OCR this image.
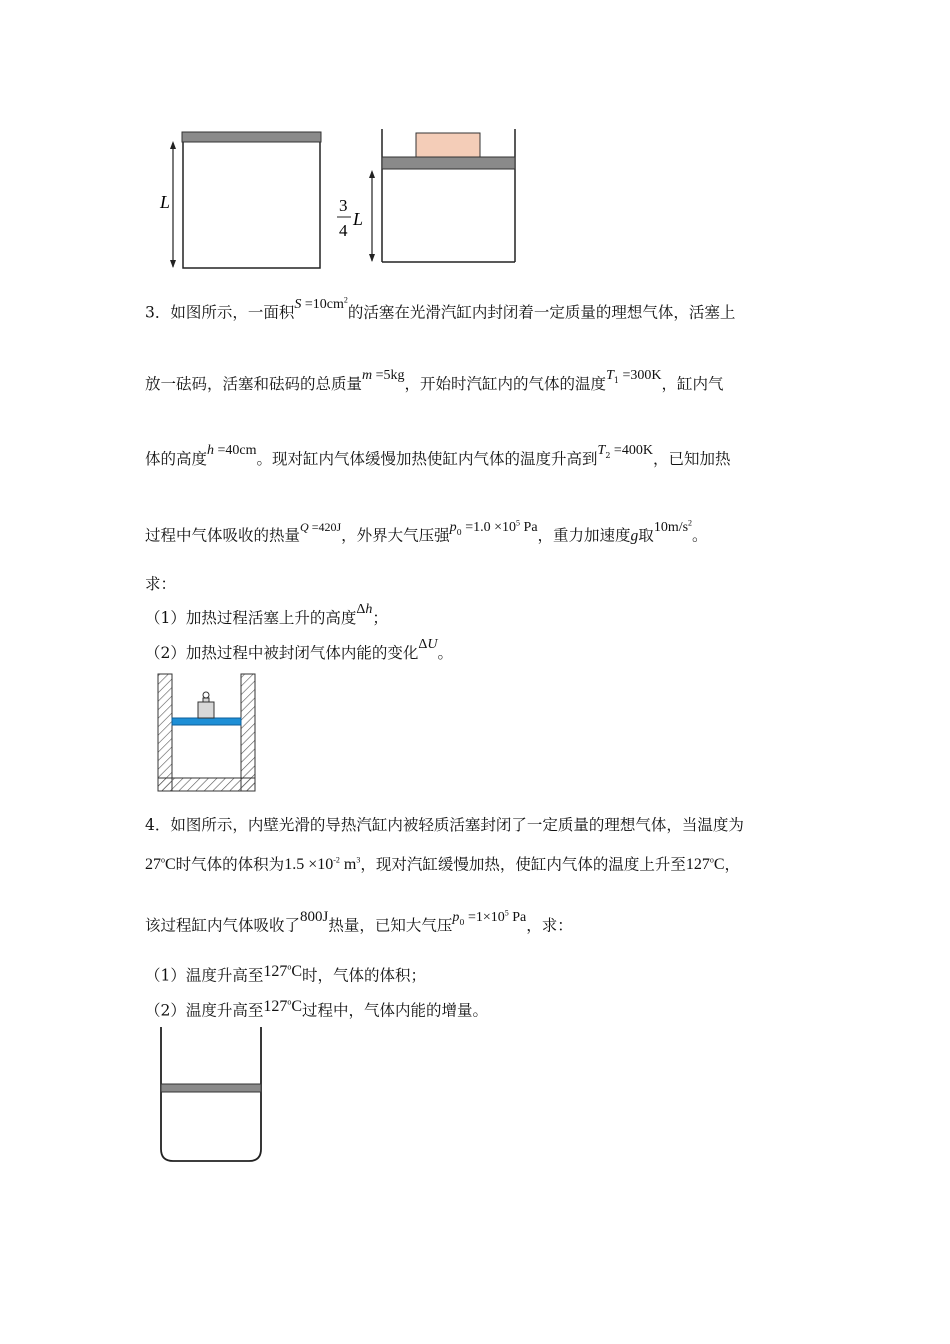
L	3
4
L
3．如图所示，一面积$S =10cm^2$的活塞在光滑汽缸内封闭着一定质量的理想气体，活塞上
放一砝码，活塞和砝码的总质量m =5kg，开始时汽缸内的气体的温度$T_1 =300K$，缸内气
体的高度h =40cm。现对缸内气体缓慢加热使缸内气体的温度升高到$T_2 =400K$，已知加热
过程中气体吸收的热量$^{Q =420J}$，外界大气压强$p_0 =1.0 \times 10^5$ Pa，重力加速度g取$10m/s^2$。
求：
（1）加热过程活塞上升的高度Δh；
（2）加热过程中被封闭气体内能的变化ΔU。
4．如图所示，内壁光滑的导热汽缸内被轻质活塞封闭了一定质量的理想气体，当温度为
27$^o$C时气体的体积为$1.5 \times 10^{-2}$ $m^3$，现对汽缸缓慢加热，使缸内气体的温度上升至127$^o$C，
该过程缸内气体吸收了800J热量，已知大气压$p_0 =1\times 10^5$ Pa，求：
（1）温度升高至127$^o$C时，气体的体积；
（2）温度升高至127$^o$C过程中，气体内能的增量。
